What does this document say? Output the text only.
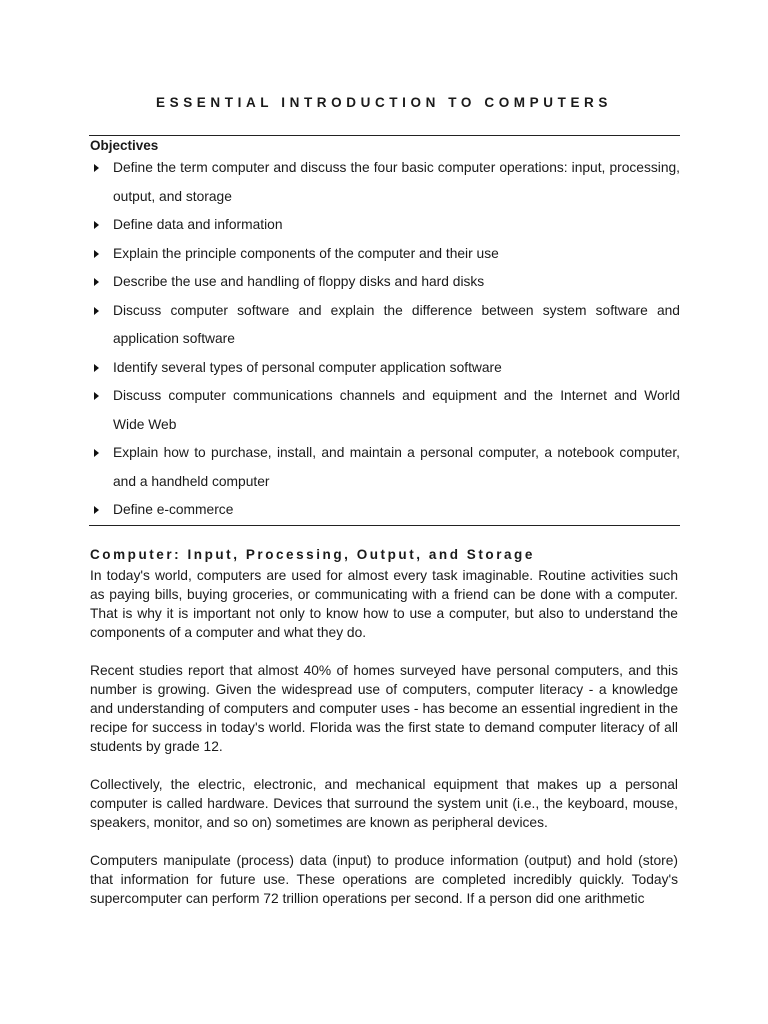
ESSENTIAL INTRODUCTION TO COMPUTERS
Objectives
Define the term computer and discuss the four basic computer operations: input, processing, output, and storage
Define data and information
Explain the principle components of the computer and their use
Describe the use and handling of floppy disks and hard disks
Discuss computer software and explain the difference between system software and application software
Identify several types of personal computer application software
Discuss computer communications channels and equipment and the Internet and World Wide Web
Explain how to purchase, install, and maintain a personal computer, a notebook computer, and a handheld computer
Define e-commerce
Computer: Input, Processing, Output, and Storage

In today's world, computers are used for almost every task imaginable. Routine activities such as paying bills, buying groceries, or communicating with a friend can be done with a computer. That is why it is important not only to know how to use a computer, but also to understand the components of a computer and what they do.

Recent studies report that almost 40% of homes surveyed have personal computers, and this number is growing. Given the widespread use of computers, computer literacy - a knowledge and understanding of computers and computer uses - has become an essential ingredient in the recipe for success in today's world. Florida was the first state to demand computer literacy of all students by grade 12.

Collectively, the electric, electronic, and mechanical equipment that makes up a personal computer is called hardware. Devices that surround the system unit (i.e., the keyboard, mouse, speakers, monitor, and so on) sometimes are known as peripheral devices.

Computers manipulate (process) data (input) to produce information (output) and hold (store) that information for future use. These operations are completed incredibly quickly. Today's supercomputer can perform 72 trillion operations per second. If a person did one arithmetic
